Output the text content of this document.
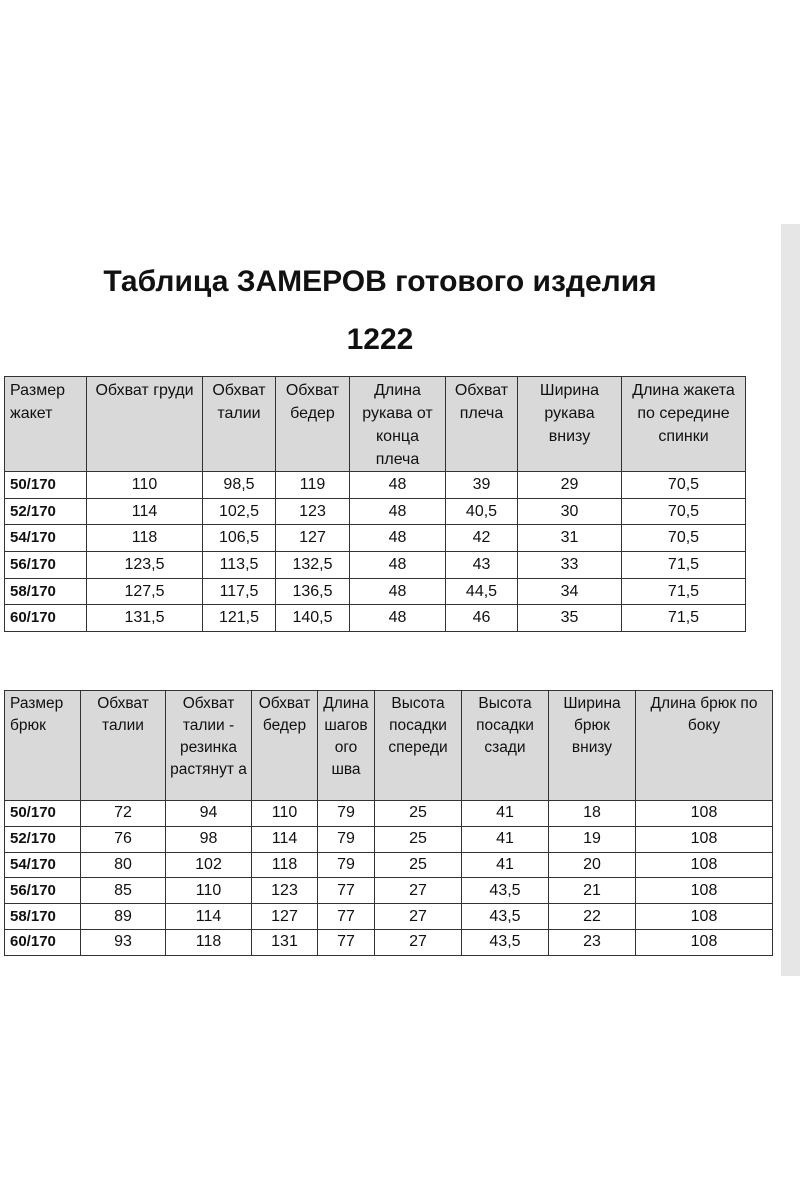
Таблица ЗАМЕРОВ готового изделия
1222
Размер жакет	Обхват груди	Обхват талии	Обхват бедер	Длина рукава от конца плеча	Обхват плеча	Ширина рукава внизу	Длина жакета по середине спинки
50/170	110	98,5	119	48	39	29	70,5
52/170	114	102,5	123	48	40,5	30	70,5
54/170	118	106,5	127	48	42	31	70,5
56/170	123,5	113,5	132,5	48	43	33	71,5
58/170	127,5	117,5	136,5	48	44,5	34	71,5
60/170	131,5	121,5	140,5	48	46	35	71,5
Размер брюк	Обхват талии	Обхват талии - резинка растянут а	Обхват бедер	Длина шагов ого шва	Высота посадки спереди	Высота посадки сзади	Ширина брюк внизу	Длина брюк по боку
50/170	72	94	110	79	25	41	18	108
52/170	76	98	114	79	25	41	19	108
54/170	80	102	118	79	25	41	20	108
56/170	85	110	123	77	27	43,5	21	108
58/170	89	114	127	77	27	43,5	22	108
60/170	93	118	131	77	27	43,5	23	108
